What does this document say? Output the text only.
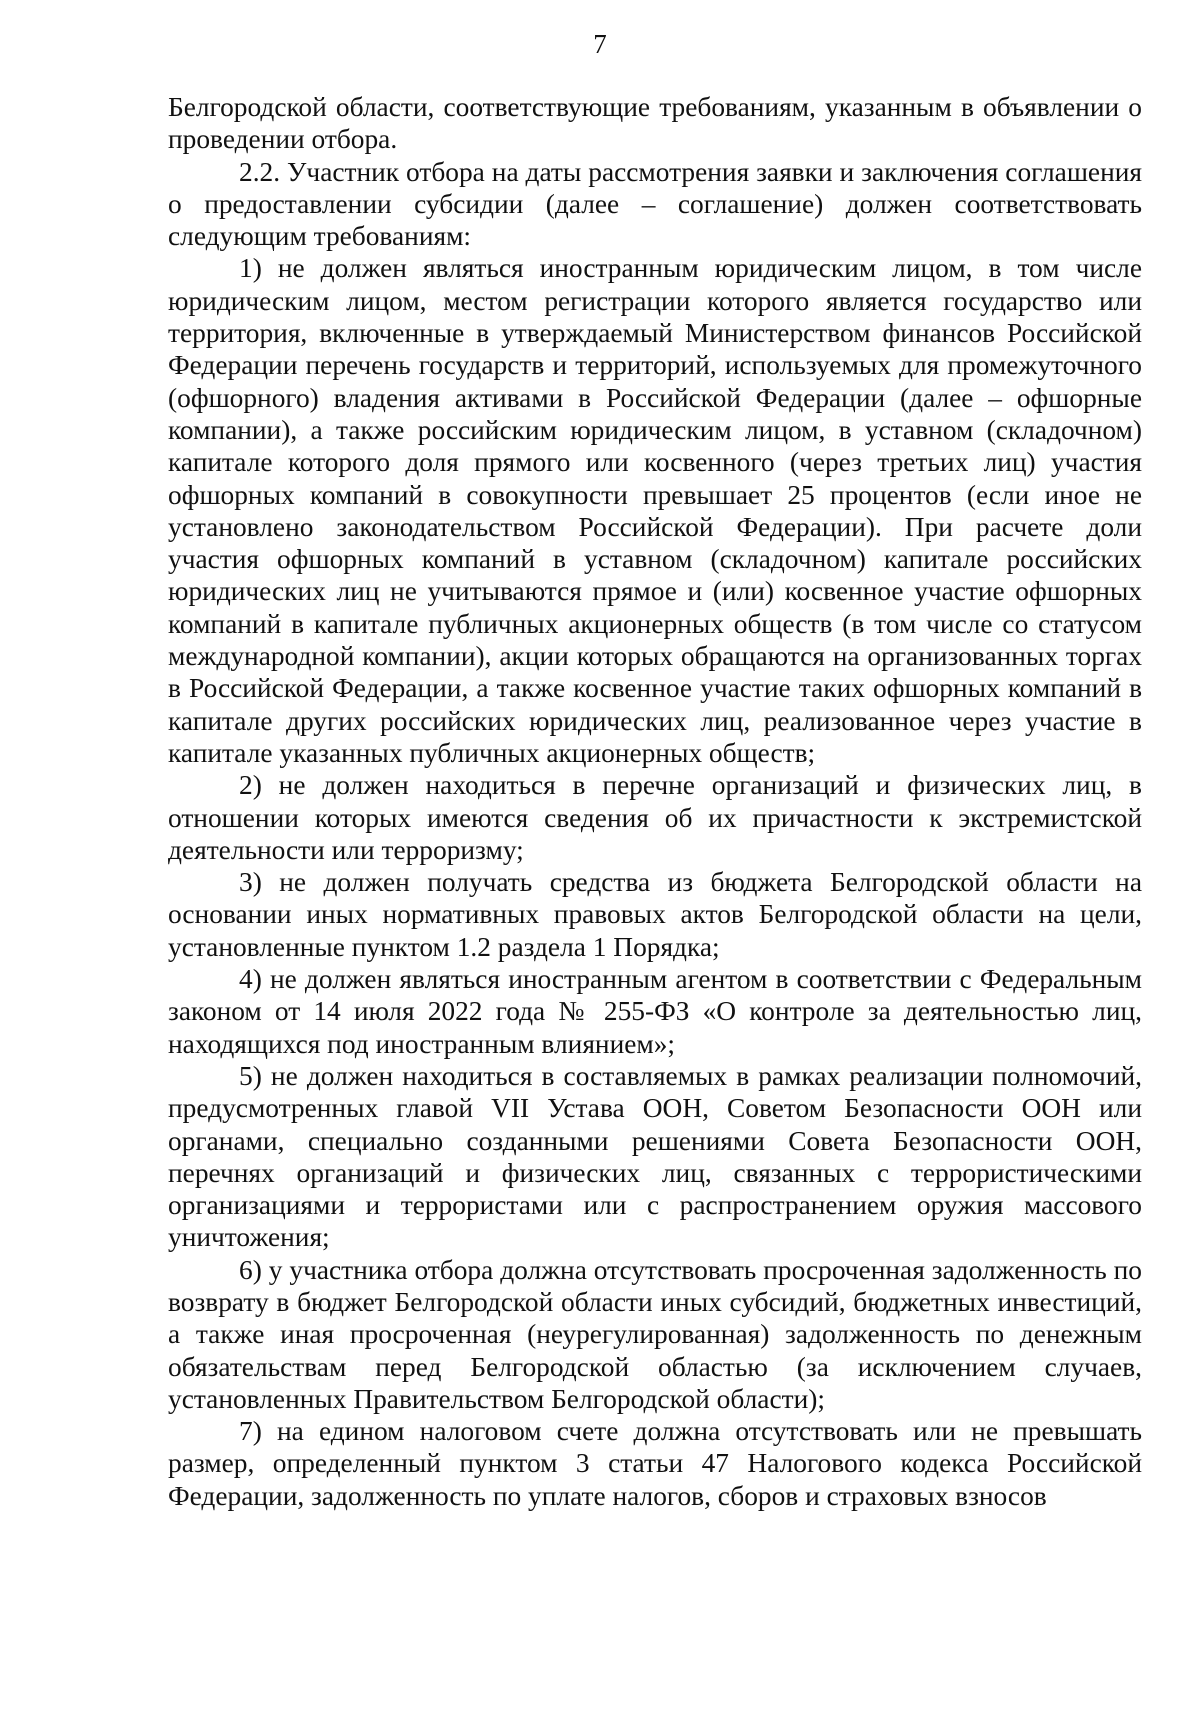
7

Белгородской области, соответствующие требованиям, указанным в объявлении о проведении отбора.

2.2. Участник отбора на даты рассмотрения заявки и заключения соглашения о предоставлении субсидии (далее – соглашение) должен соответствовать следующим требованиям:

1) не должен являться иностранным юридическим лицом, в том числе юридическим лицом, местом регистрации которого является государство или территория, включенные в утверждаемый Министерством финансов Российской Федерации перечень государств и территорий, используемых для промежуточного (офшорного) владения активами в Российской Федерации (далее – офшорные компании), а также российским юридическим лицом, в уставном (складочном) капитале которого доля прямого или косвенного (через третьих лиц) участия офшорных компаний в совокупности превышает 25 процентов (если иное не установлено законодательством Российской Федерации). При расчете доли участия офшорных компаний в уставном (складочном) капитале российских юридических лиц не учитываются прямое и (или) косвенное участие офшорных компаний в капитале публичных акционерных обществ (в том числе со статусом международной компании), акции которых обращаются на организованных торгах в Российской Федерации, а также косвенное участие таких офшорных компаний в капитале других российских юридических лиц, реализованное через участие в капитале указанных публичных акционерных обществ;

2) не должен находиться в перечне организаций и физических лиц, в отношении которых имеются сведения об их причастности к экстремистской деятельности или терроризму;

3) не должен получать средства из бюджета Белгородской области на основании иных нормативных правовых актов Белгородской области на цели, установленные пунктом 1.2 раздела 1 Порядка;

4) не должен являться иностранным агентом в соответствии с Федеральным законом от 14 июля 2022 года № 255-ФЗ «О контроле за деятельностью лиц, находящихся под иностранным влиянием»;

5) не должен находиться в составляемых в рамках реализации полномочий, предусмотренных главой VII Устава ООН, Советом Безопасности ООН или органами, специально созданными решениями Совета Безопасности ООН, перечнях организаций и физических лиц, связанных с террористическими организациями и террористами или с распространением оружия массового уничтожения;

6) у участника отбора должна отсутствовать просроченная задолженность по возврату в бюджет Белгородской области иных субсидий, бюджетных инвестиций, а также иная просроченная (неурегулированная) задолженность по денежным обязательствам перед Белгородской областью (за исключением случаев, установленных Правительством Белгородской области);

7) на едином налоговом счете должна отсутствовать или не превышать размер, определенный пунктом 3 статьи 47 Налогового кодекса Российской Федерации, задолженность по уплате налогов, сборов и страховых взносов
